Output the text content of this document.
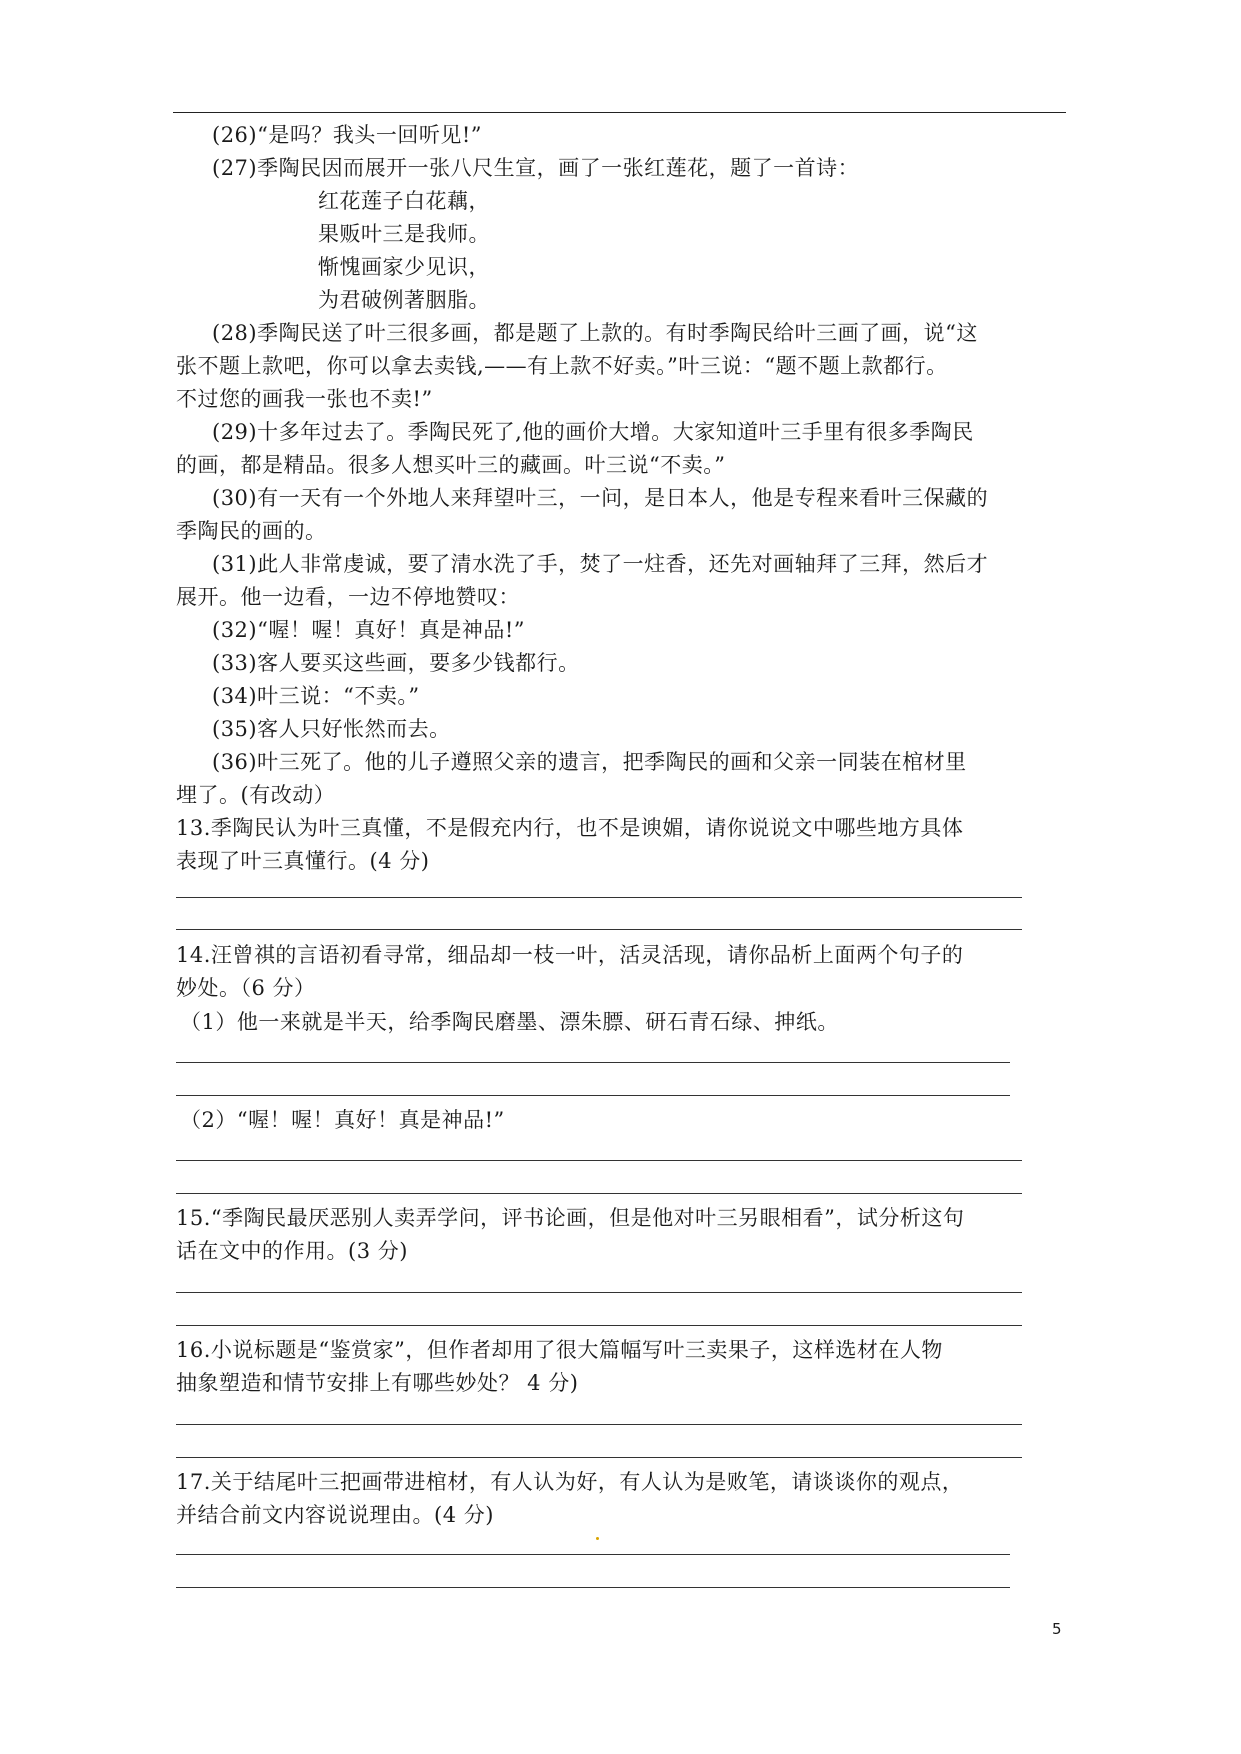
(26)“是吗？我头一回听见!”
(27)季陶民因而展开一张八尺生宣，画了一张红莲花，题了一首诗：
红花莲子白花藕，
果贩叶三是我师。
惭愧画家少见识，
为君破例著胭脂。
(28)季陶民送了叶三很多画，都是题了上款的。有时季陶民给叶三画了画，说“这
张不题上款吧，你可以拿去卖钱,——有上款不好卖。”叶三说：“题不题上款都行。
不过您的画我一张也不卖!”
(29)十多年过去了。季陶民死了,他的画价大增。大家知道叶三手里有很多季陶民
的画，都是精品。很多人想买叶三的藏画。叶三说“不卖。”
(30)有一天有一个外地人来拜望叶三，一问，是日本人，他是专程来看叶三保藏的
季陶民的画的。
(31)此人非常虔诚，要了清水洗了手，焚了一炷香，还先对画轴拜了三拜，然后才
展开。他一边看，一边不停地赞叹：
(32)“喔！喔！真好！真是神品!”
(33)客人要买这些画，要多少钱都行。
(34)叶三说：“不卖。”
(35)客人只好怅然而去。
(36)叶三死了。他的儿子遵照父亲的遗言，把季陶民的画和父亲一同装在棺材里
埋了。(有改动）
13.季陶民认为叶三真懂，不是假充内行，也不是谀媚，请你说说文中哪些地方具体
表现了叶三真懂行。(4 分)
14.汪曾祺的言语初看寻常，细品却一枝一叶，活灵活现，请你品析上面两个句子的
妙处。（6 分）
（1）他一来就是半天，给季陶民磨墨、漂朱膘、研石青石绿、抻纸。
（2）“喔！喔！真好！真是神品!”
15.“季陶民最厌恶别人卖弄学问，评书论画，但是他对叶三另眼相看”，试分析这句
话在文中的作用。(3 分)
16.小说标题是“鉴赏家”，但作者却用了很大篇幅写叶三卖果子，这样选材在人物
抽象塑造和情节安排上有哪些妙处？ 4 分)
17.关于结尾叶三把画带进棺材，有人认为好，有人认为是败笔，请谈谈你的观点，
并结合前文内容说说理由。(4 分)
5
